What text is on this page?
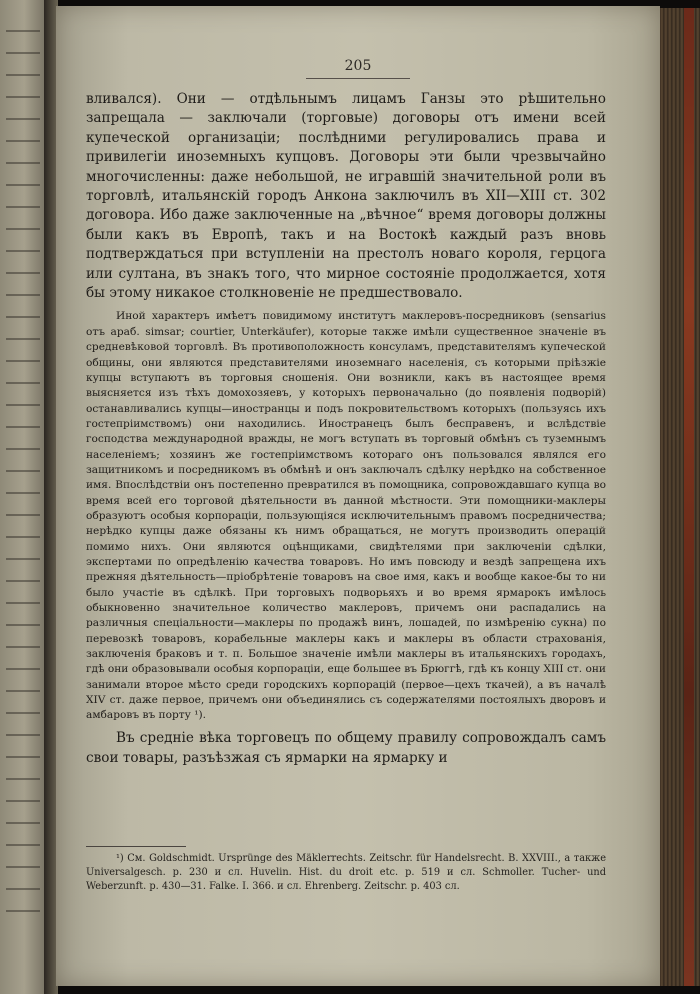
205

вливался). Они — отдѣльнымъ лицамъ Ганзы это рѣшительно запрещала — заключали (торговые) договоры отъ имени всей купеческой организаціи; послѣдними регулировались права и привилегіи иноземныхъ купцовъ. Договоры эти были чрезвычайно многочисленны: даже небольшой, не игравшій значительной роли въ торговлѣ, итальянскій городъ Анкона заключилъ въ XII—XIII ст. 302 договора. Ибо даже заключенные на „вѣчное“ время договоры должны были какъ въ Европѣ, такъ и на Востокѣ каждый разъ вновь подтверждаться при вступленіи на престолъ новаго короля, герцога или султана, въ знакъ того, что мирное состояніе продолжается, хотя бы этому никакое столкновеніе не предшествовало.

Иной характеръ имѣетъ повидимому институтъ маклеровъ-посредниковъ (sensarius отъ араб. simsar; courtier, Unterkäufer), которые также имѣли существенное значеніе въ средневѣковой торговлѣ. Въ противоположность консуламъ, представителямъ купеческой общины, они являются представителями иноземнаго населенія, съ которыми пріѣзжіе купцы вступаютъ въ торговыя сношенія. Они возникли, какъ въ настоящее время выясняется изъ тѣхъ домохозяевъ, у которыхъ первоначально (до появленія подворій) останавливались купцы—иностранцы и подъ покровительствомъ которыхъ (пользуясь ихъ гостепріимствомъ) они находились. Иностранецъ былъ бесправенъ, и вслѣдствіе господства международной вражды, не могъ вступать въ торговый обмѣнъ съ туземнымъ населеніемъ; хозяинъ же гостепріимствомъ котораго онъ пользовался являлся его защитникомъ и посредникомъ въ обмѣнѣ и онъ заключалъ сдѣлку нерѣдко на собственное имя. Впослѣдствіи онъ постепенно превратился въ помощника, сопровождавшаго купца во время всей его торговой дѣятельности въ данной мѣстности. Эти помощники-маклеры образуютъ особыя корпораціи, пользующіяся исключительнымъ правомъ посредничества; нерѣдко купцы даже обязаны къ нимъ обращаться, не могутъ производить операцій помимо нихъ. Они являются оцѣнщиками, свидѣтелями при заключеніи сдѣлки, экспертами по опредѣленію качества товаровъ. Но имъ повсюду и вездѣ запрещена ихъ прежняя дѣятельность—пріобрѣтеніе товаровъ на свое имя, какъ и вообще какое-бы то ни было участіе въ сдѣлкѣ. При торговыхъ подворьяхъ и во время ярмарокъ имѣлось обыкновенно значительное количество маклеровъ, причемъ они распадались на различныя спеціальности—маклеры по продажѣ винъ, лошадей, по измѣренію сукна) по перевозкѣ товаровъ, корабельные маклеры какъ и маклеры въ области страхованія, заключенія браковъ и т. п. Большое значеніе имѣли маклеры въ итальянскихъ городахъ, гдѣ они образовывали особыя корпораціи, еще большее въ Брюггѣ, гдѣ къ концу XIII ст. они занимали второе мѣсто среди городскихъ корпорацій (первое—цехъ ткачей), а въ началѣ XIV ст. даже первое, причемъ они объединялись съ содержателями постоялыхъ дворовъ и амбаровъ въ порту ¹).

Въ средніе вѣка торговецъ по общему правилу сопровождалъ самъ свои товары, разъѣзжая съ ярмарки на ярмарку и

¹) См. Goldschmidt. Ursprünge des Mäklerrechts. Zeitschr. für Handelsrecht. B. XXVIII., а также Universalgesch. p. 230 и сл. Huvelin. Hist. du droit etc. p. 519 и сл. Schmoller. Tucher- und Weberzunft. p. 430—31. Falke. I. 366. и сл. Ehrenberg. Zeitschr. p. 403 сл.
